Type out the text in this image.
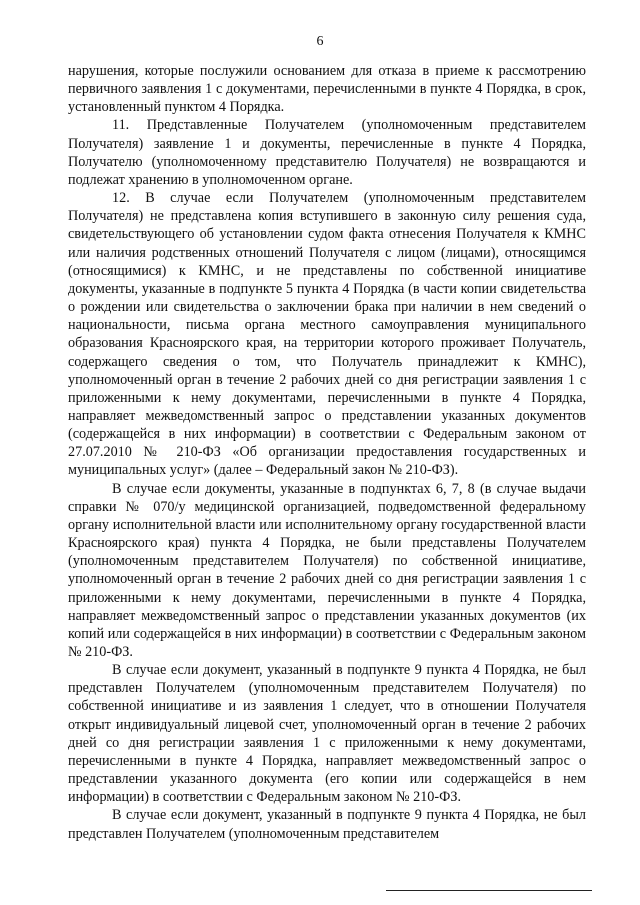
6

нарушения, которые послужили основанием для отказа в приеме к рассмотрению первичного заявления 1 с документами, перечисленными в пункте 4 Порядка, в срок, установленный пунктом 4 Порядка.

11. Представленные Получателем (уполномоченным представителем Получателя) заявление 1 и документы, перечисленные в пункте 4 Порядка, Получателю (уполномоченному представителю Получателя) не возвращаются и подлежат хранению в уполномоченном органе.

12. В случае если Получателем (уполномоченным представителем Получателя) не представлена копия вступившего в законную силу решения суда, свидетельствующего об установлении судом факта отнесения Получателя к КМНС или наличия родственных отношений Получателя с лицом (лицами), относящимся (относящимися) к КМНС, и не представлены по собственной инициативе документы, указанные в подпункте 5 пункта 4 Порядка (в части копии свидетельства о рождении или свидетельства о заключении брака при наличии в нем сведений о национальности, письма органа местного самоуправления муниципального образования Красноярского края, на территории которого проживает Получатель, содержащего сведения о том, что Получатель принадлежит к КМНС), уполномоченный орган в течение 2 рабочих дней со дня регистрации заявления 1 с приложенными к нему документами, перечисленными в пункте 4 Порядка, направляет межведомственный запрос о представлении указанных документов (содержащейся в них информации) в соответствии с Федеральным законом от 27.07.2010 № 210-ФЗ «Об организации предоставления государственных и муниципальных услуг» (далее – Федеральный закон № 210-ФЗ).

В случае если документы, указанные в подпунктах 6, 7, 8 (в случае выдачи справки № 070/у медицинской организацией, подведомственной федеральному органу исполнительной власти или исполнительному органу государственной власти Красноярского края) пункта 4 Порядка, не были представлены Получателем (уполномоченным представителем Получателя) по собственной инициативе, уполномоченный орган в течение 2 рабочих дней со дня регистрации заявления 1 с приложенными к нему документами, перечисленными в пункте 4 Порядка, направляет межведомственный запрос о представлении указанных документов (их копий или содержащейся в них информации) в соответствии с Федеральным законом № 210-ФЗ.

В случае если документ, указанный в подпункте 9 пункта 4 Порядка, не был представлен Получателем (уполномоченным представителем Получателя) по собственной инициативе и из заявления 1 следует, что в отношении Получателя открыт индивидуальный лицевой счет, уполномоченный орган в течение 2 рабочих дней со дня регистрации заявления 1 с приложенными к нему документами, перечисленными в пункте 4 Порядка, направляет межведомственный запрос о представлении указанного документа (его копии или содержащейся в нем информации) в соответствии с Федеральным законом № 210-ФЗ.

В случае если документ, указанный в подпункте 9 пункта 4 Порядка, не был представлен Получателем (уполномоченным представителем
